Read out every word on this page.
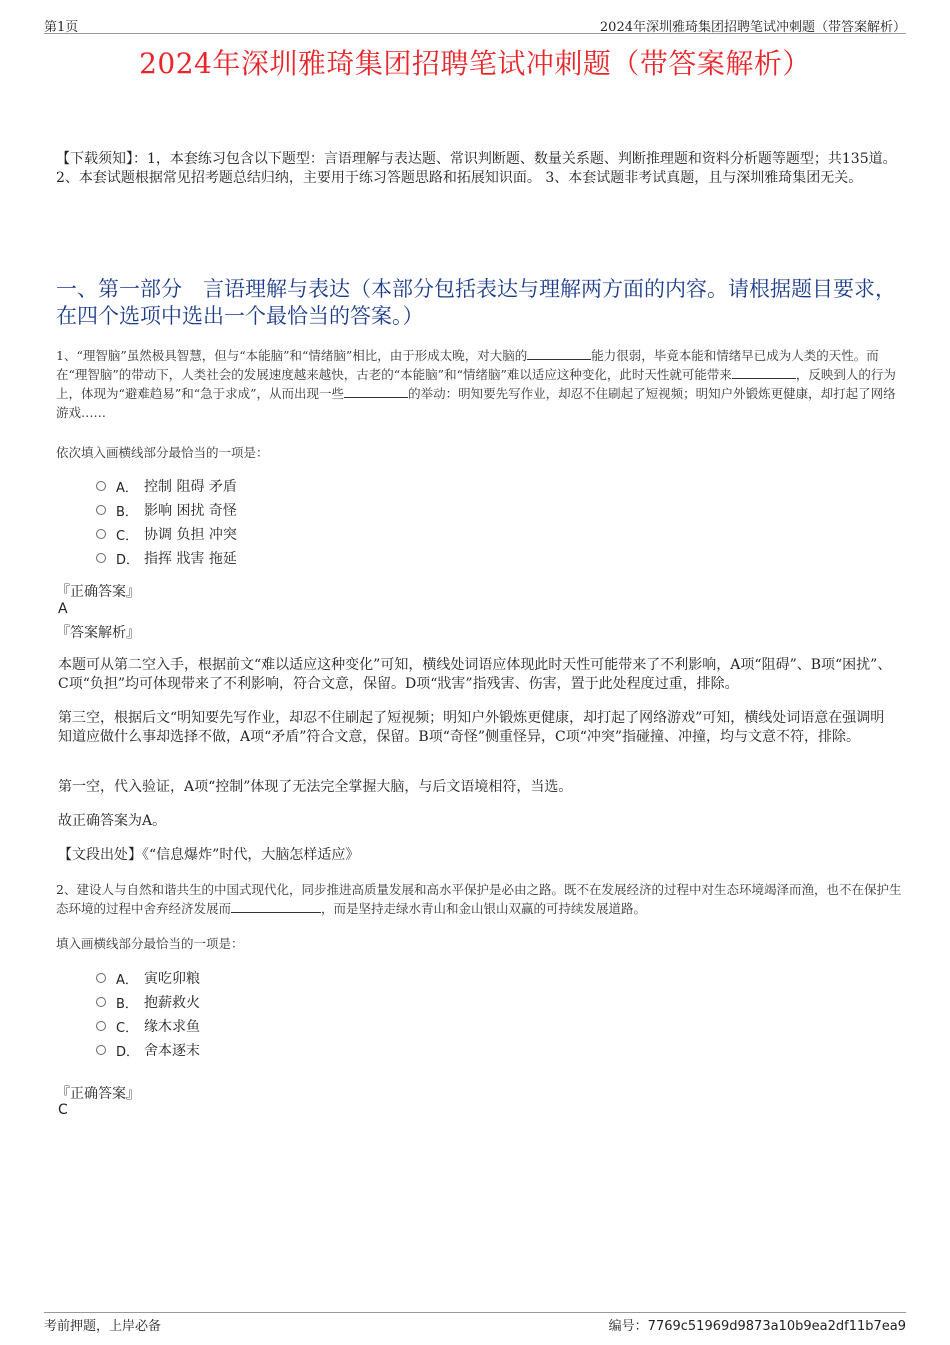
第1页	2024年深圳雅琦集团招聘笔试冲刺题（带答案解析）
2024年深圳雅琦集团招聘笔试冲刺题（带答案解析）
【下载须知】：1，本套练习包含以下题型：言语理解与表达题、常识判断题、数量关系题、判断推理题和资料分析题等题型；共135道。 2、本套试题根据常见招考题总结归纳，主要用于练习答题思路和拓展知识面。 3、本套试题非考试真题，且与深圳雅琦集团无关。
一、第一部分　言语理解与表达（本部分包括表达与理解两方面的内容。请根据题目要求，在四个选项中选出一个最恰当的答案。）
1、“理智脑”虽然极具智慧，但与“本能脑”和“情绪脑”相比，由于形成太晚，对大脑的	能力很弱，毕竟本能和情绪早已成为人类的天性。而在“理智脑”的带动下，人类社会的发展速度越来越快，古老的“本能脑”和“情绪脑”难以适应这种变化，此时天性就可能带来	，反映到人的行为上，体现为“避难趋易”和“急于求成”，从而出现一些	的举动：明知要先写作业，却忍不住刷起了短视频；明知户外锻炼更健康，却打起了网络游戏……
依次填入画横线部分最恰当的一项是：
A． 控制 阻碍 矛盾
B． 影响 困扰 奇怪
C． 协调 负担 冲突
D． 指挥 戕害 拖延
『正确答案』
A
『答案解析』
本题可从第二空入手，根据前文“难以适应这种变化”可知，横线处词语应体现此时天性可能带来了不利影响，A项“阻碍”、B项“困扰”、C项“负担”均可体现带来了不利影响，符合文意，保留。D项“戕害”指残害、伤害，置于此处程度过重，排除。
第三空，根据后文“明知要先写作业，却忍不住刷起了短视频；明知户外锻炼更健康，却打起了网络游戏”可知，横线处词语意在强调明知道应做什么事却选择不做，A项“矛盾”符合文意，保留。B项“奇怪”侧重怪异，C项“冲突”指碰撞、冲撞，均与文意不符，排除。
第一空，代入验证，A项“控制”体现了无法完全掌握大脑，与后文语境相符，当选。
故正确答案为A。
【文段出处】《“信息爆炸”时代，大脑怎样适应》
2、建设人与自然和谐共生的中国式现代化，同步推进高质量发展和高水平保护是必由之路。既不在发展经济的过程中对生态环境竭泽而渔，也不在保护生态环境的过程中舍弃经济发展而	，而是坚持走绿水青山和金山银山双赢的可持续发展道路。
填入画横线部分最恰当的一项是：
A． 寅吃卯粮
B． 抱薪救火
C． 缘木求鱼
D． 舍本逐末
『正确答案』
C
考前押题，上岸必备	编号：7769c51969d9873a10b9ea2df11b7ea9
